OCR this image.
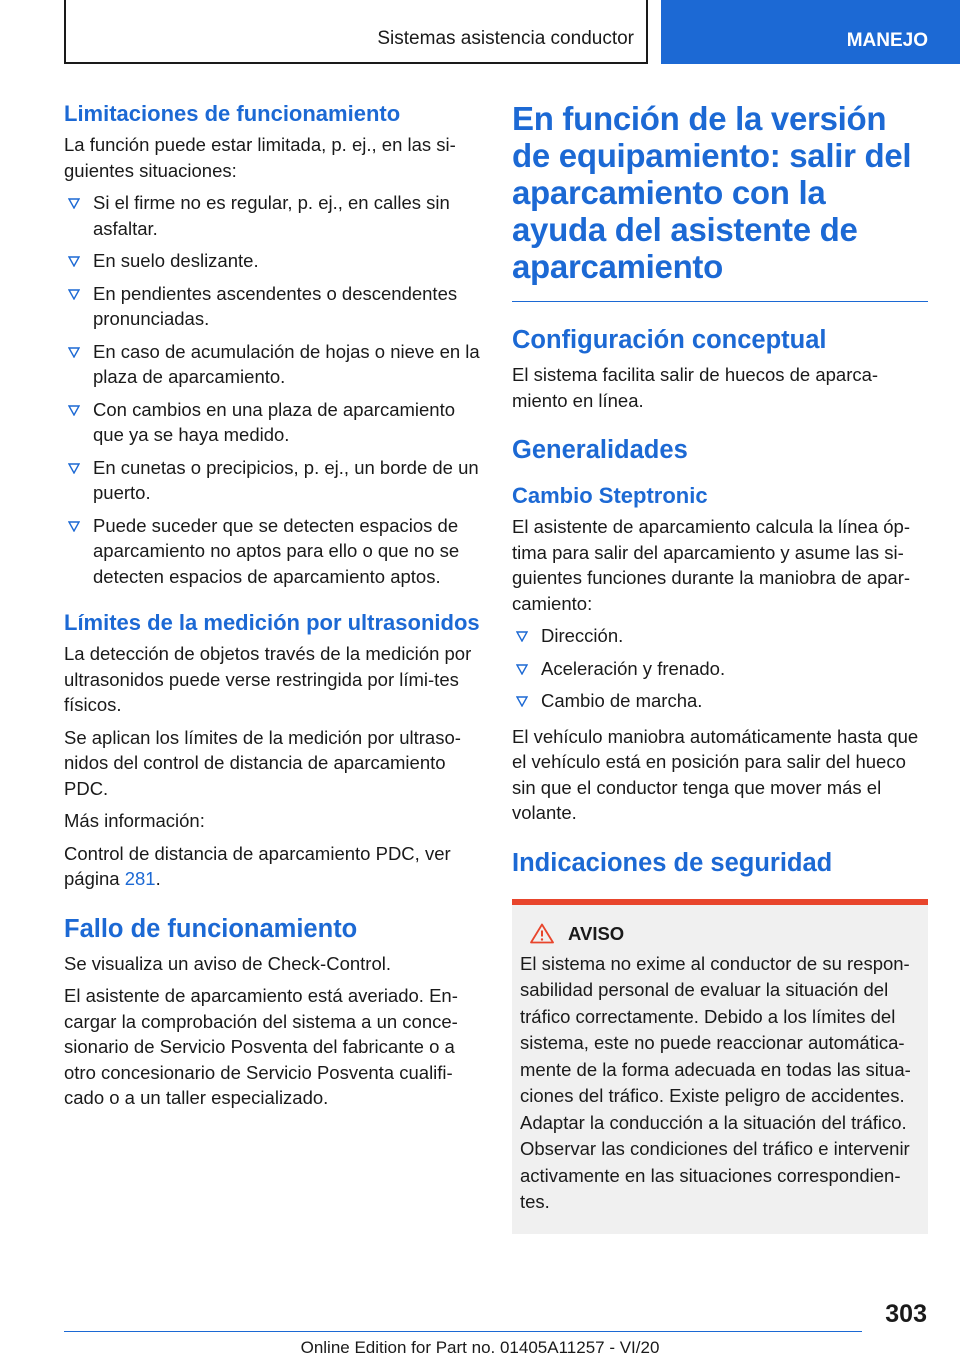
Sistemas asistencia conductor	MANEJO
Limitaciones de funcionamiento

La función puede estar limitada, p. ej., en las si-guientes situaciones:

Si el firme no es regular, p. ej., en calles sin asfaltar.
En suelo deslizante.
En pendientes ascendentes o descendentes pronunciadas.
En caso de acumulación de hojas o nieve en la plaza de aparcamiento.
Con cambios en una plaza de aparcamiento que ya se haya medido.
En cunetas o precipicios, p. ej., un borde de un puerto.
Puede suceder que se detecten espacios de aparcamiento no aptos para ello o que no se detecten espacios de aparcamiento aptos.
Límites de la medición por ultrasonidos

La detección de objetos través de la medición por ultrasonidos puede verse restringida por lími-tes físicos.

Se aplican los límites de la medición por ultraso-nidos del control de distancia de aparcamiento PDC.

Más información:

Control de distancia de aparcamiento PDC, ver página 281.

Fallo de funcionamiento

Se visualiza un aviso de Check-Control.

El asistente de aparcamiento está averiado. En-cargar la comprobación del sistema a un conce-sionario de Servicio Posventa del fabricante o a otro concesionario de Servicio Posventa cualifi-cado o a un taller especializado.

En función de la versión de equipamiento: salir del aparcamiento con la ayuda del asistente de aparcamiento
Configuración conceptual

El sistema facilita salir de huecos de aparca-miento en línea.

Generalidades
Cambio Steptronic

El asistente de aparcamiento calcula la línea óp-tima para salir del aparcamiento y asume las si-guientes funciones durante la maniobra de apar-camiento:

Dirección.
Aceleración y frenado.
Cambio de marcha.

El vehículo maniobra automáticamente hasta que el vehículo está en posición para salir del hueco sin que el conductor tenga que mover más el volante.

Indicaciones de seguridad
AVISO

El sistema no exime al conductor de su respon-sabilidad personal de evaluar la situación del tráfico correctamente. Debido a los límites del sistema, este no puede reaccionar automática-mente de la forma adecuada en todas las situa-ciones del tráfico. Existe peligro de accidentes. Adaptar la conducción a la situación del tráfico. Observar las condiciones del tráfico e intervenir activamente en las situaciones correspondien-tes.

303
Online Edition for Part no. 01405A11257 - VI/20
